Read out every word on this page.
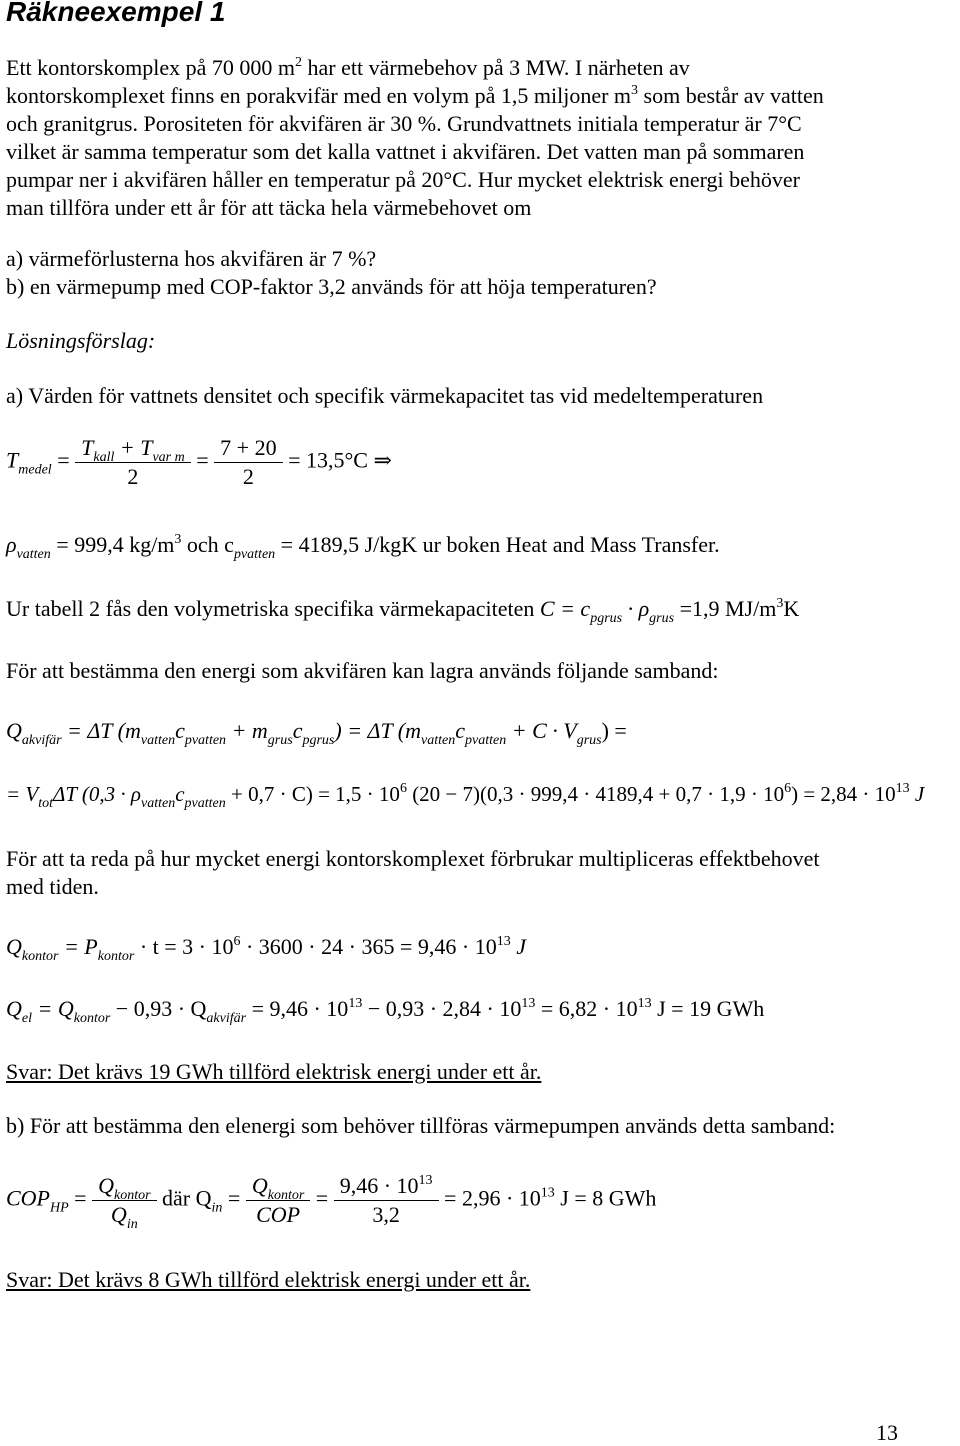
Räkneexempel 1
Ett kontorskomplex på 70 000 $m^2$ har ett värmebehov på 3 MW. I närheten av
kontorskomplexet finns en porakvifär med en volym på 1,5 miljoner $m^3$ som består av vatten
och granitgrus. Porositeten för akvifären är 30 %. Grundvattnets initiala temperatur är 7°C
vilket är samma temperatur som det kalla vattnet i akvifären. Det vatten man på sommaren
pumpar ner i akvifären håller en temperatur på 20°C. Hur mycket elektrisk energi behöver
man tillföra under ett år för att täcka hela värmebehovet om
a) värmeförlusterna hos akvifären är 7 %?
b) en värmepump med COP-faktor 3,2 används för att höja temperaturen?
Lösningsförslag:
a) Värden för vattnets densitet och specifik värmekapacitet tas vid medeltemperaturen
$T_{medel} = \frac{T_{kall} + T_{var m}}{2} = \frac{7 + 20}{2} = 13,5^\circ C$ ⇒
$\rho_{vatten} = 999,4$ $kg/m^3$ och $c_{pvatten} = 4189,5$ J/kgK ur boken Heat and Mass Transfer.
Ur tabell 2 fås den volymetriska specifika värmekapaciteten $C = c_{pgrus} \cdot \rho_{grus} =1,9$ $MJ/m^3K$
För att bestämma den energi som akvifären kan lagra används följande samband:
$Q_{akvifär} = \Delta T$ $(m_{vatten}c_{pvatten} + m_{grus}c_{pgrus}) = \Delta T$ $(m_{vatten}c_{pvatten} + C \cdot V_{grus})$ =
= $V_{tot}\Delta T$ $(0,3 \cdot \rho_{vatten}c_{pvatten} + 0,7 \cdot C) = 1,5 \cdot 10^6$ $(20 - 7)(0,3 \cdot 999,4 \cdot 4189,4 + 0,7 \cdot 1,9 \cdot 10^6) = 2,84 \cdot 10^{13}$ J
För att ta reda på hur mycket energi kontorskomplexet förbrukar multipliceras effektbehovet
med tiden.
$Q_{kontor} = P_{kontor} \cdot t = 3 \cdot 10^6 \cdot 3600 \cdot 24 \cdot 365 = 9,46 \cdot 10^{13}$ J
$Q_{el} = Q_{kontor} - 0,93 \cdot Q_{akvifär} = 9,46 \cdot 10^{13} - 0,93 \cdot 2,84 \cdot 10^{13} = 6,82 \cdot 10^{13}$ J = 19 GWh
Svar: Det krävs 19 GWh tillförd elektrisk energi under ett år.
b) För att bestämma den elenergi som behöver tillföras värmepumpen används detta samband:
$COP_{HP} = \frac{Q_{kontor}}{Q_{in}}$ där $Q_{in} = \frac{Q_{kontor}}{\text{COP}} = \frac{9,46 \cdot 10^{13}}{3,2} = 2,96 \cdot 10^{13}$ J = 8 GWh
Svar: Det krävs 8 GWh tillförd elektrisk energi under ett år.
13
